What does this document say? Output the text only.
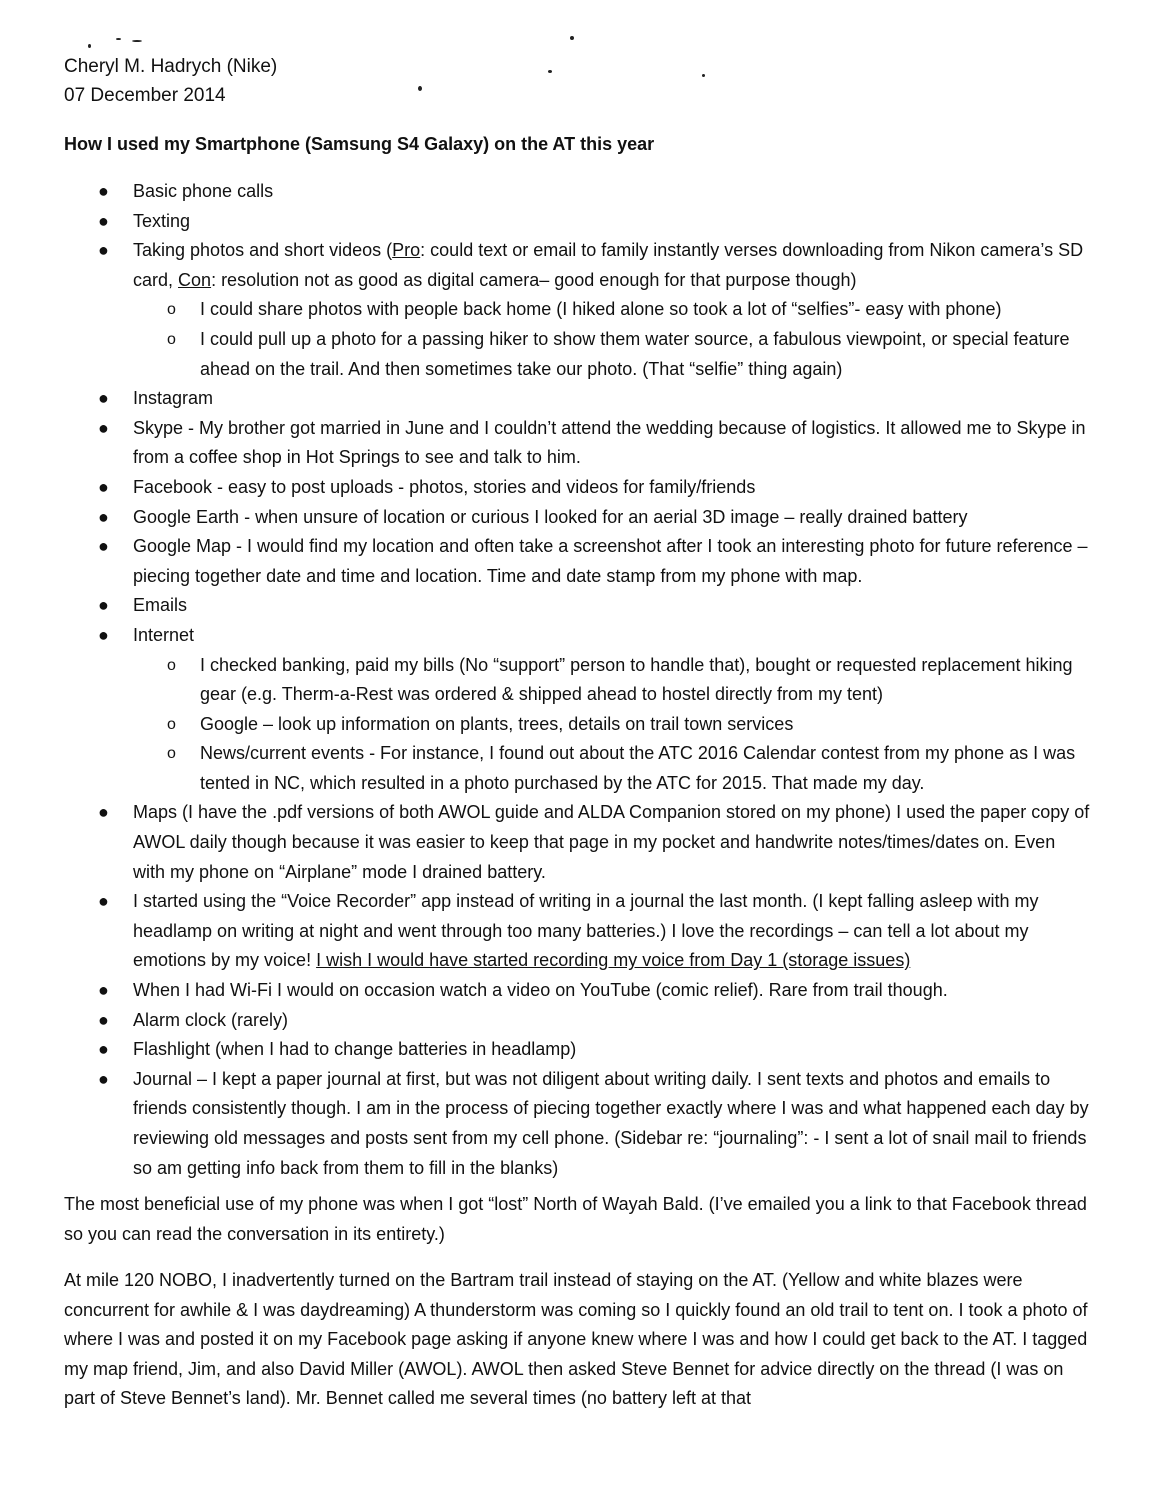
Cheryl M. Hadrych (Nike)
07 December 2014
How I used my Smartphone (Samsung S4 Galaxy) on the AT this year
● Basic phone calls
● Texting
● Taking photos and short videos (Pro: could text or email to family instantly verses downloading from Nikon camera’s SD card, Con: resolution not as good as digital camera– good enough for that purpose though)
o I could share photos with people back home (I hiked alone so took a lot of “selfies”- easy with phone)
o I could pull up a photo for a passing hiker to show them water source, a fabulous viewpoint, or special feature ahead on the trail. And then sometimes take our photo. (That “selfie” thing again)
● Instagram
● Skype - My brother got married in June and I couldn’t attend the wedding because of logistics. It allowed me to Skype in from a coffee shop in Hot Springs to see and talk to him.
● Facebook - easy to post uploads - photos, stories and videos for family/friends
● Google Earth - when unsure of location or curious I looked for an aerial 3D image – really drained battery
● Google Map - I would find my location and often take a screenshot after I took an interesting photo for future reference – piecing together date and time and location. Time and date stamp from my phone with map.
● Emails
● Internet
o I checked banking, paid my bills (No “support” person to handle that), bought or requested replacement hiking gear (e.g. Therm-a-Rest was ordered & shipped ahead to hostel directly from my tent)
o Google – look up information on plants, trees, details on trail town services
o News/current events - For instance, I found out about the ATC 2016 Calendar contest from my phone as I was tented in NC, which resulted in a photo purchased by the ATC for 2015. That made my day.
● Maps (I have the .pdf versions of both AWOL guide and ALDA Companion stored on my phone) I used the paper copy of AWOL daily though because it was easier to keep that page in my pocket and handwrite notes/times/dates on. Even with my phone on “Airplane” mode I drained battery.
● I started using the “Voice Recorder” app instead of writing in a journal the last month. (I kept falling asleep with my headlamp on writing at night and went through too many batteries.) I love the recordings – can tell a lot about my emotions by my voice! I wish I would have started recording my voice from Day 1 (storage issues)
● When I had Wi-Fi I would on occasion watch a video on YouTube (comic relief). Rare from trail though.
● Alarm clock (rarely)
● Flashlight (when I had to change batteries in headlamp)
● Journal – I kept a paper journal at first, but was not diligent about writing daily. I sent texts and photos and emails to friends consistently though. I am in the process of piecing together exactly where I was and what happened each day by reviewing old messages and posts sent from my cell phone. (Sidebar re: “journaling”: - I sent a lot of snail mail to friends so am getting info back from them to fill in the blanks)
The most beneficial use of my phone was when I got “lost” North of Wayah Bald. (I’ve emailed you a link to that Facebook thread so you can read the conversation in its entirety.)
At mile 120 NOBO, I inadvertently turned on the Bartram trail instead of staying on the AT. (Yellow and white blazes were concurrent for awhile & I was daydreaming) A thunderstorm was coming so I quickly found an old trail to tent on. I took a photo of where I was and posted it on my Facebook page asking if anyone knew where I was and how I could get back to the AT. I tagged my map friend, Jim, and also David Miller (AWOL). AWOL then asked Steve Bennet for advice directly on the thread (I was on part of Steve Bennet’s land). Mr. Bennet called me several times (no battery left at that
